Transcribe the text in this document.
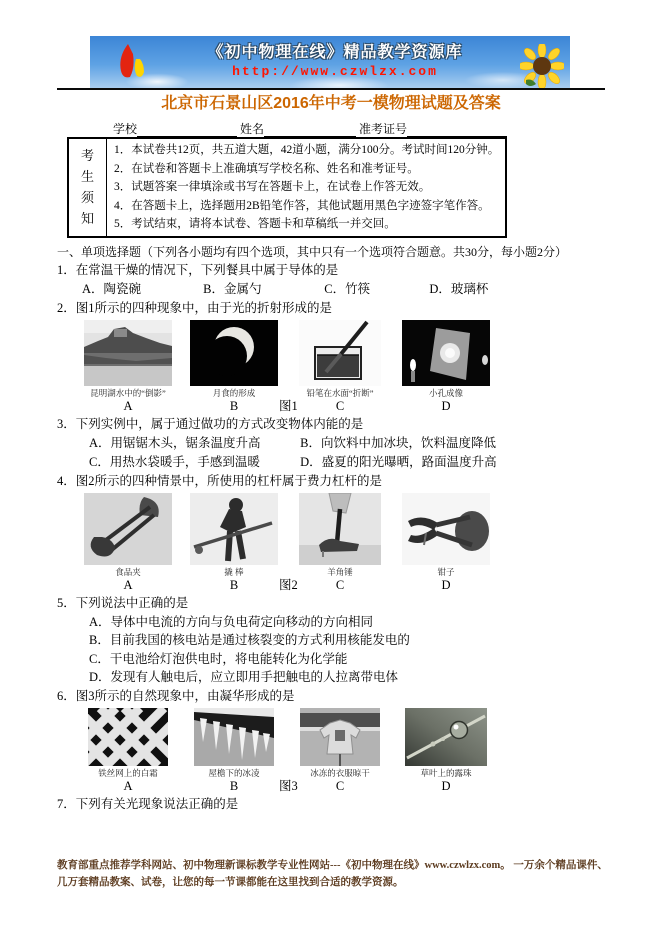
《初中物理在线》精品教学资源库
http://www.czwlzx.com
北京市石景山区2016年中考一模物理试题及答案
学校	姓名	准考证号
考生须知
1．本试卷共12页，共五道大题，42道小题，满分100分。考试时间120分钟。
2．在试卷和答题卡上准确填写学校名称、姓名和准考证号。
3．试题答案一律填涂或书写在答题卡上，在试卷上作答无效。
4．在答题卡上，选择题用2B铅笔作答，其他试题用黑色字迹签字笔作答。
5．考试结束，请将本试卷、答题卡和草稿纸一并交回。
一、单项选择题（下列各小题均有四个选项，其中只有一个选项符合题意。共30分，每小题2分）
1．在常温干燥的情况下，下列餐具中属于导体的是
A．陶瓷碗	B．金属勺	C．竹筷	D．玻璃杯
2．图1所示的四种现象中，由于光的折射形成的是
昆明湖水中的“倒影”	月食的形成	铅笔在水面“折断”	小孔成像
A	B	C	D
图1
3．下列实例中，属于通过做功的方式改变物体内能的是
A．用锯锯木头，锯条温度升高	B．向饮料中加冰块，饮料温度降低
C．用热水袋暖手，手感到温暖	D．盛夏的阳光曝晒，路面温度升高
4．图2所示的四种情景中，所使用的杠杆属于费力杠杆的是
食品夹	撬 棒	羊角锤	钳子
A	B	C	D
图2
5．下列说法中正确的是
A．导体中电流的方向与负电荷定向移动的方向相同
B．目前我国的核电站是通过核裂变的方式利用核能发电的
C．干电池给灯泡供电时，将电能转化为化学能
D．发现有人触电后，应立即用手把触电的人拉离带电体
6．图3所示的自然现象中，由凝华形成的是
铁丝网上的白霜	屋檐下的冰凌	冰冻的衣服晾干	草叶上的露珠
A	B	C	D
图3
7．下列有关光现象说法正确的是
教育部重点推荐学科网站、初中物理新课标教学专业性网站---《初中物理在线》www.czwlzx.com。 一万余个精品课件、
几万套精品教案、试卷，让您的每一节课都能在这里找到合适的教学资源。
